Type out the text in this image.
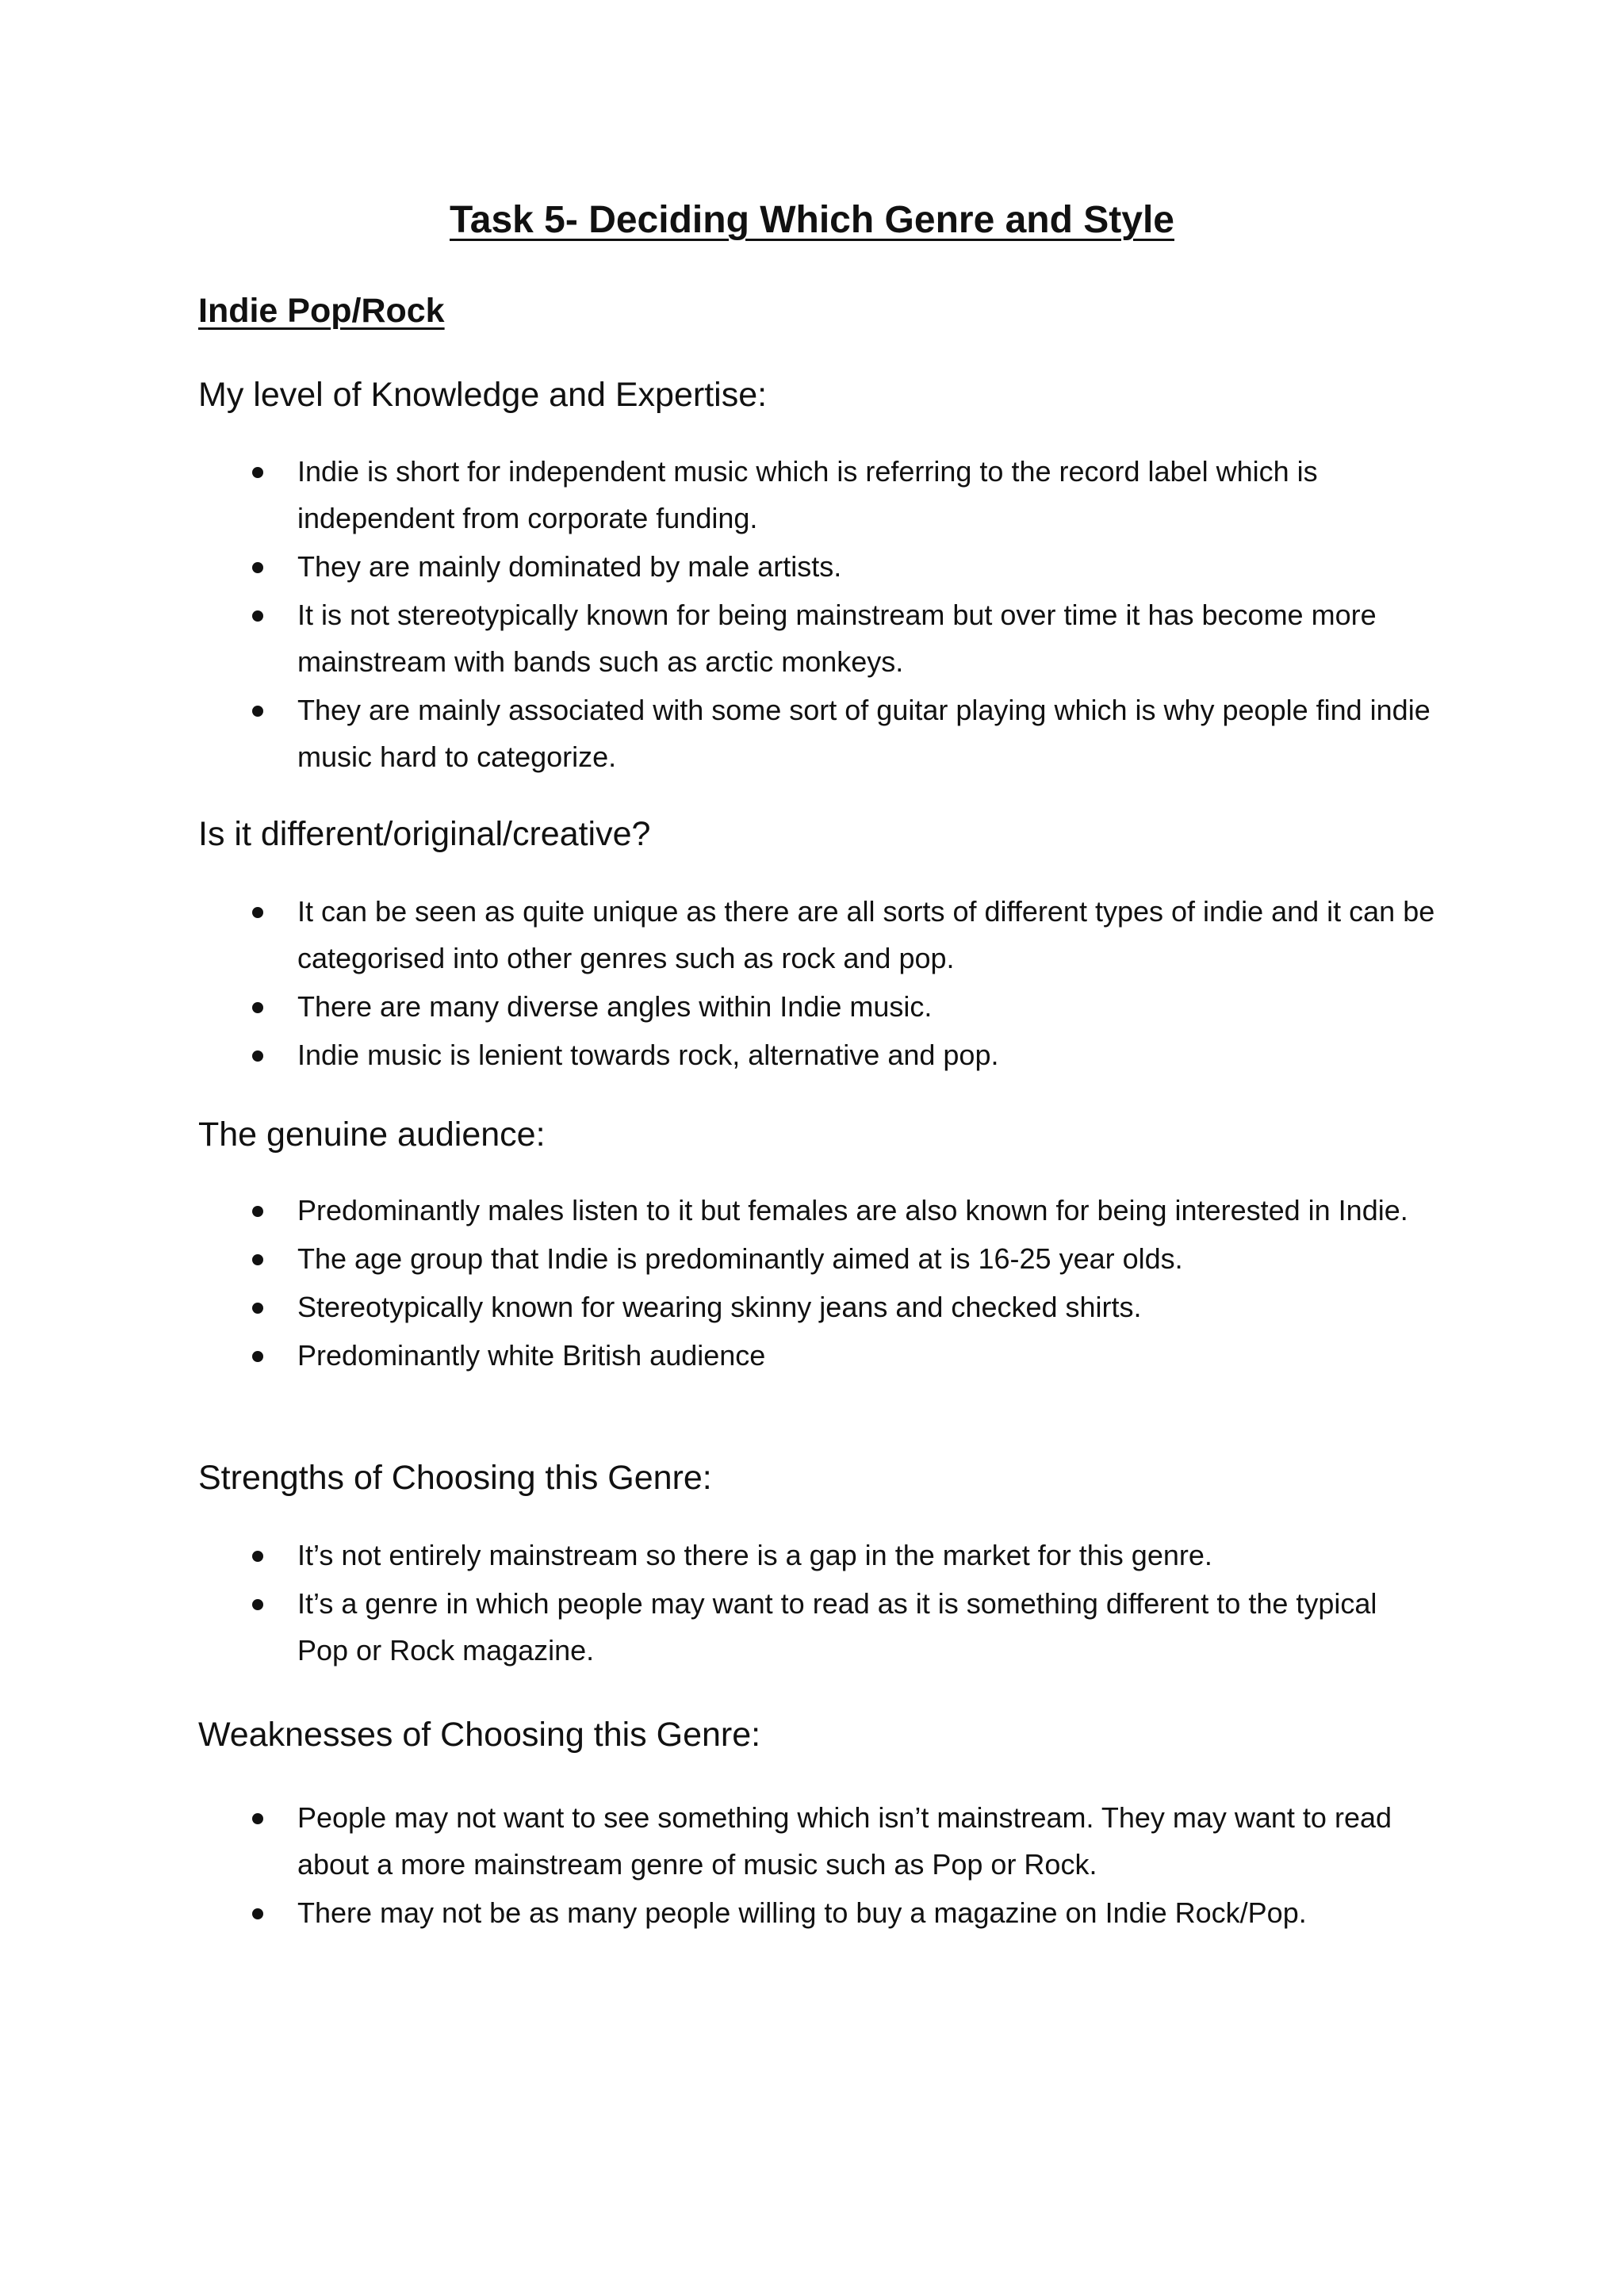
Task 5- Deciding Which Genre and Style
Indie Pop/Rock
My level of Knowledge and Expertise:
Indie is short for independent music which is referring to the record label which is independent from corporate funding.
They are mainly dominated by male artists.
It is not stereotypically known for being mainstream but over time it has become more mainstream with bands such as arctic monkeys.
They are mainly associated with some sort of guitar playing which is why people find indie music hard to categorize.
Is it different/original/creative?
It can be seen as quite unique as there are all sorts of different types of indie and it can be categorised into other genres such as rock and pop.
There are many diverse angles within Indie music.
Indie music is lenient towards rock, alternative and pop.
The genuine audience:
Predominantly males listen to it but females are also known for being interested in Indie.
The age group that Indie is predominantly aimed at is 16-25 year olds.
Stereotypically known for wearing skinny jeans and checked shirts.
Predominantly white British audience
Strengths of Choosing this Genre:
It’s not entirely mainstream so there is a gap in the market for this genre.
It’s a genre in which people may want to read as it is something different to the typical Pop or Rock magazine.
Weaknesses of Choosing this Genre:
People may not want to see something which isn’t mainstream. They may want to read about a more mainstream genre of music such as Pop or Rock.
There may not be as many people willing to buy a magazine on Indie Rock/Pop.
